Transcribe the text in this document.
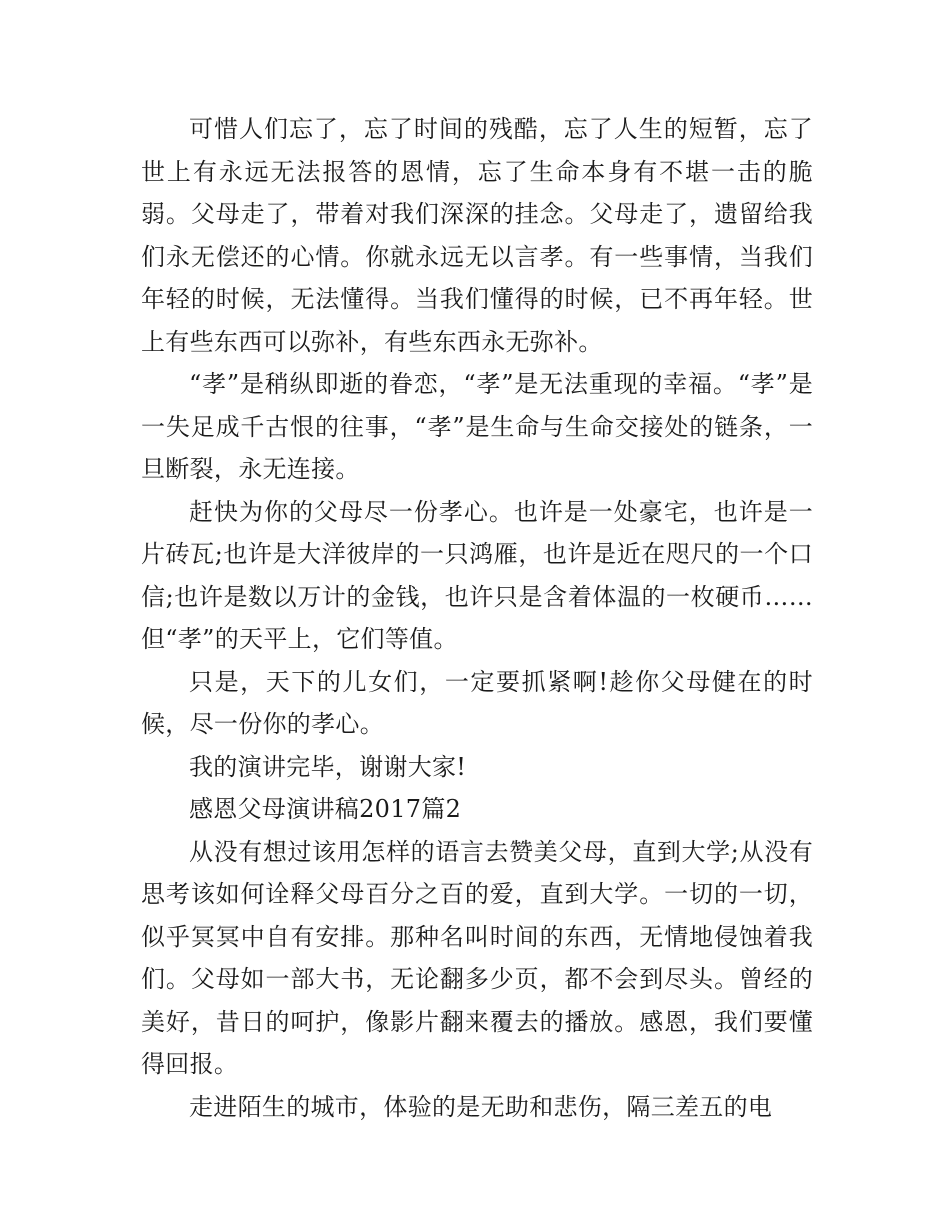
可惜人们忘了，忘了时间的残酷，忘了人生的短暂，忘了世上有永远无法报答的恩情，忘了生命本身有不堪一击的脆弱。父母走了，带着对我们深深的挂念。父母走了，遗留给我们永无偿还的心情。你就永远无以言孝。有一些事情，当我们年轻的时候，无法懂得。当我们懂得的时候，已不再年轻。世上有些东西可以弥补，有些东西永无弥补。

“孝”是稍纵即逝的眷恋，“孝”是无法重现的幸福。“孝”是一失足成千古恨的往事，“孝”是生命与生命交接处的链条，一旦断裂，永无连接。

赶快为你的父母尽一份孝心。也许是一处豪宅，也许是一片砖瓦;也许是大洋彼岸的一只鸿雁，也许是近在咫尺的一个口信;也许是数以万计的金钱，也许只是含着体温的一枚硬币……但“孝”的天平上，它们等值。

只是，天下的儿女们，一定要抓紧啊!趁你父母健在的时候，尽一份你的孝心。

我的演讲完毕，谢谢大家!

感恩父母演讲稿2017篇2

从没有想过该用怎样的语言去赞美父母，直到大学;从没有思考该如何诠释父母百分之百的爱，直到大学。一切的一切，似乎冥冥中自有安排。那种名叫时间的东西，无情地侵蚀着我们。父母如一部大书，无论翻多少页，都不会到尽头。曾经的美好，昔日的呵护，像影片翻来覆去的播放。感恩，我们要懂得回报。

走进陌生的城市，体验的是无助和悲伤，隔三差五的电
